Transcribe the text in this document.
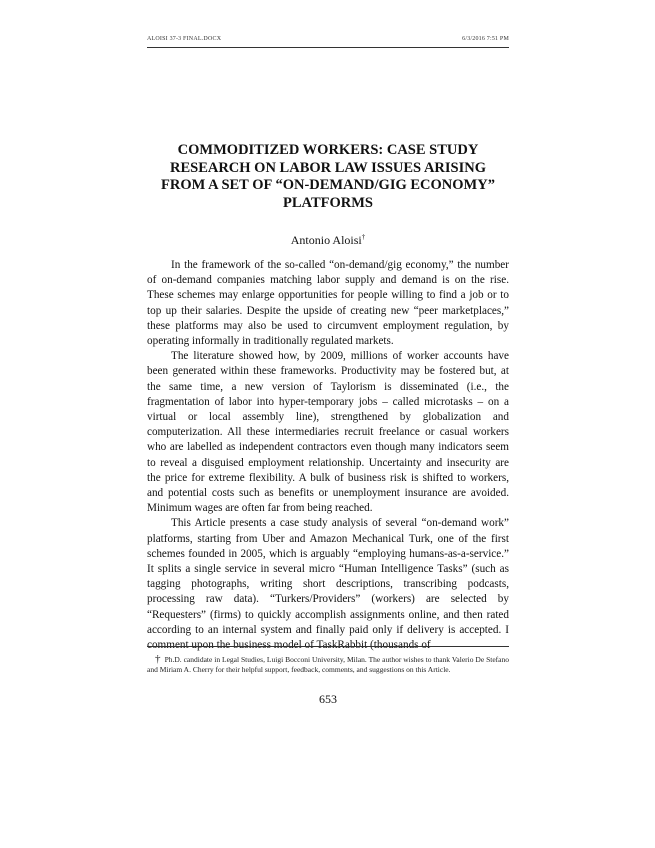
ALOISI 37-3 FINAL.DOCX	6/3/2016 7:51 PM
COMMODITIZED WORKERS: CASE STUDY RESEARCH ON LABOR LAW ISSUES ARISING FROM A SET OF “ON-DEMAND/GIG ECONOMY” PLATFORMS
Antonio Aloisi†

In the framework of the so-called “on-demand/gig economy,” the number of on-demand companies matching labor supply and demand is on the rise. These schemes may enlarge opportunities for people willing to find a job or to top up their salaries. Despite the upside of creating new “peer marketplaces,” these platforms may also be used to circumvent employment regulation, by operating informally in traditionally regulated markets.

The literature showed how, by 2009, millions of worker accounts have been generated within these frameworks. Productivity may be fostered but, at the same time, a new version of Taylorism is disseminated (i.e., the fragmentation of labor into hyper-temporary jobs – called microtasks – on a virtual or local assembly line), strengthened by globalization and computerization. All these intermediaries recruit freelance or casual workers who are labelled as independent contractors even though many indicators seem to reveal a disguised employment relationship. Uncertainty and insecurity are the price for extreme flexibility. A bulk of business risk is shifted to workers, and potential costs such as benefits or unemployment insurance are avoided. Minimum wages are often far from being reached.

This Article presents a case study analysis of several “on-demand work” platforms, starting from Uber and Amazon Mechanical Turk, one of the first schemes founded in 2005, which is arguably “employing humans-as-a-service.” It splits a single service in several micro “Human Intelligence Tasks” (such as tagging photographs, writing short descriptions, transcribing podcasts, processing raw data). “Turkers/Providers” (workers) are selected by “Requesters” (firms) to quickly accomplish assignments online, and then rated according to an internal system and finally paid only if delivery is accepted. I comment upon the business model of TaskRabbit (thousands of

† Ph.D. candidate in Legal Studies, Luigi Bocconi University, Milan. The author wishes to thank Valerio De Stefano and Miriam A. Cherry for their helpful support, feedback, comments, and suggestions on this Article.

653
